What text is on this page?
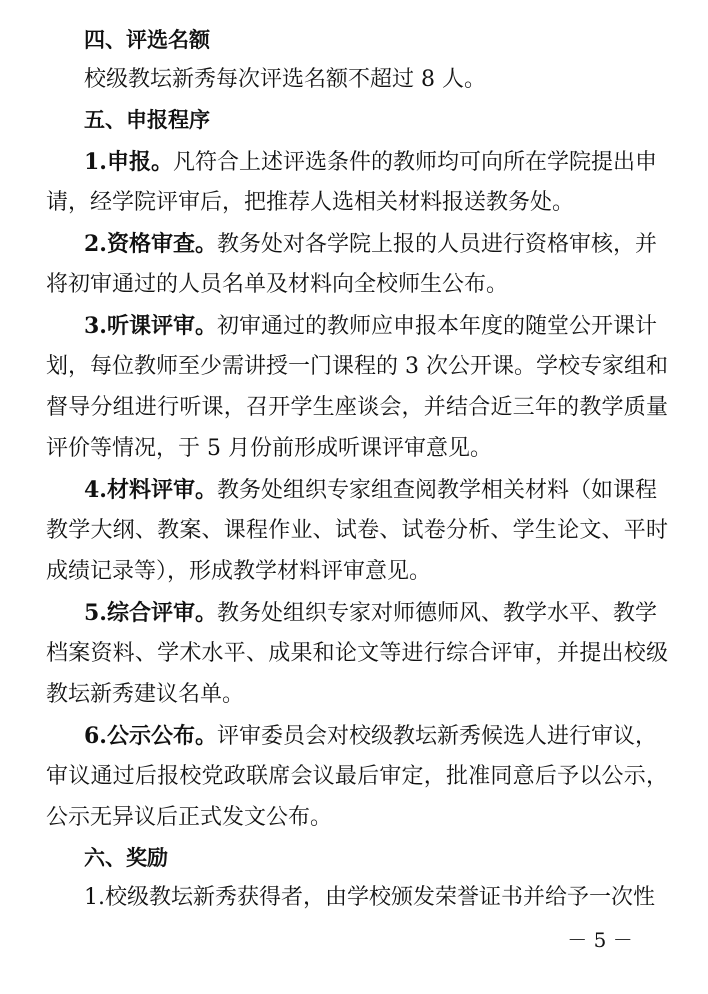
四、评选名额
校级教坛新秀每次评选名额不超过 8 人。
五、申报程序
1.申报。凡符合上述评选条件的教师均可向所在学院提出申
请，经学院评审后，把推荐人选相关材料报送教务处。
2.资格审查。教务处对各学院上报的人员进行资格审核，并
将初审通过的人员名单及材料向全校师生公布。
3.听课评审。初审通过的教师应申报本年度的随堂公开课计
划，每位教师至少需讲授一门课程的 3 次公开课。学校专家组和
督导分组进行听课，召开学生座谈会，并结合近三年的教学质量
评价等情况，于 5 月份前形成听课评审意见。
4.材料评审。教务处组织专家组查阅教学相关材料（如课程
教学大纲、教案、课程作业、试卷、试卷分析、学生论文、平时
成绩记录等），形成教学材料评审意见。
5.综合评审。教务处组织专家对师德师风、教学水平、教学
档案资料、学术水平、成果和论文等进行综合评审，并提出校级
教坛新秀建议名单。
6.公示公布。评审委员会对校级教坛新秀候选人进行审议，
审议通过后报校党政联席会议最后审定，批准同意后予以公示，
公示无异议后正式发文公布。
六、奖励
1.校级教坛新秀获得者，由学校颁发荣誉证书并给予一次性
－ 5 －
